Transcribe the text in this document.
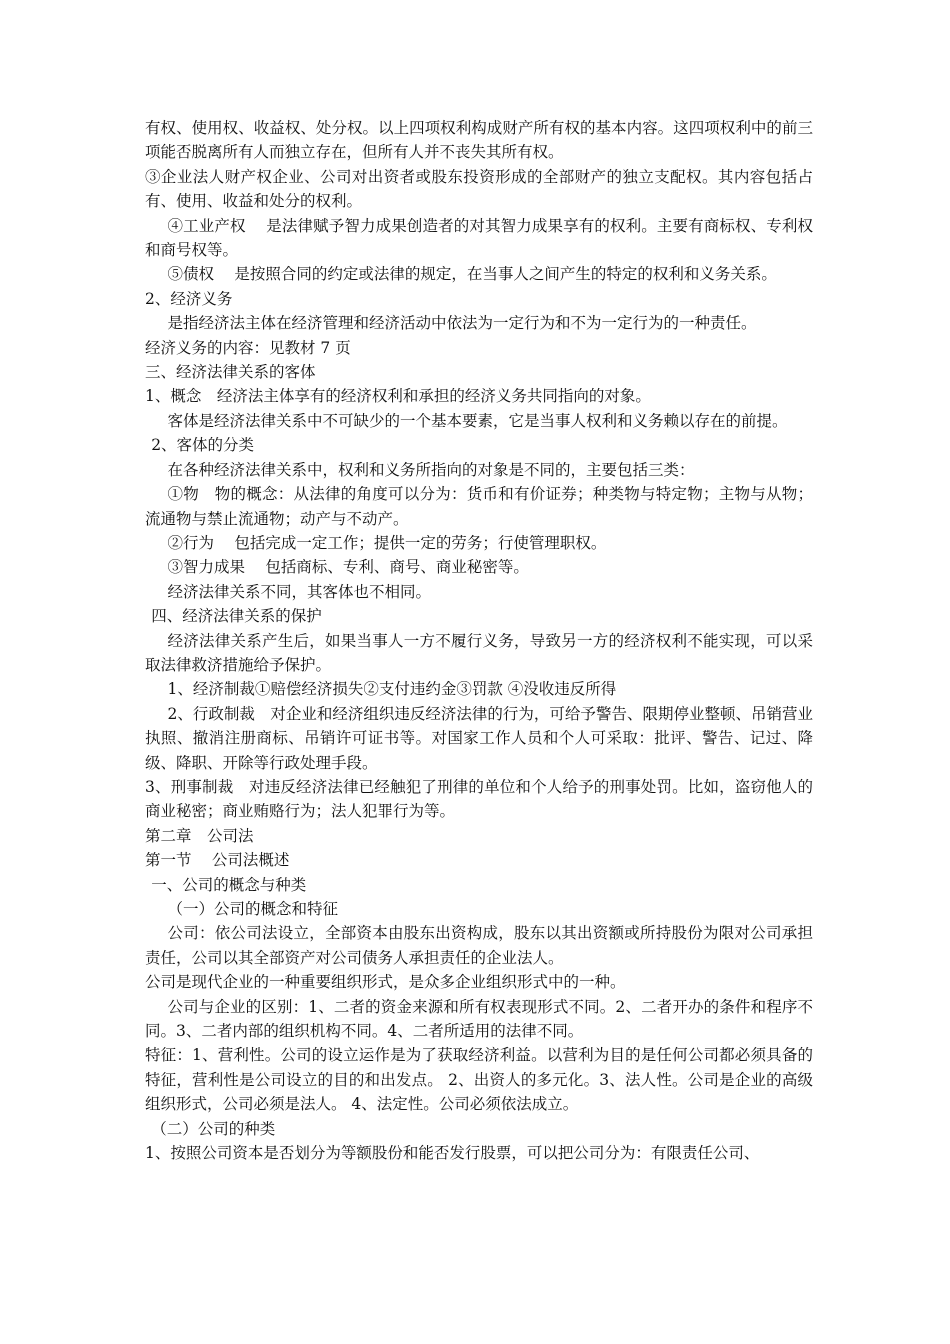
有权、使用权、收益权、处分权。以上四项权利构成财产所有权的基本内容。这四项权利中的前三项能否脱离所有人而独立存在，但所有人并不丧失其所有权。

③企业法人财产权企业、公司对出资者或股东投资形成的全部财产的独立支配权。其内容包括占有、使用、收益和处分的权利。

④工业产权　 是法律赋予智力成果创造者的对其智力成果享有的权利。主要有商标权、专利权和商号权等。

⑤债权　 是按照合同的约定或法律的规定，在当事人之间产生的特定的权利和义务关系。

2、经济义务

是指经济法主体在经济管理和经济活动中依法为一定行为和不为一定行为的一种责任。

经济义务的内容：见教材 7 页

三、经济法律关系的客体

1、概念　经济法主体享有的经济权利和承担的经济义务共同指向的对象。

客体是经济法律关系中不可缺少的一个基本要素，它是当事人权利和义务赖以存在的前提。

2、客体的分类

在各种经济法律关系中，权利和义务所指向的对象是不同的，主要包括三类：

①物　物的概念：从法律的角度可以分为：货币和有价证券；种类物与特定物；主物与从物；流通物与禁止流通物；动产与不动产。

②行为　 包括完成一定工作；提供一定的劳务；行使管理职权。

③智力成果　 包括商标、专利、商号、商业秘密等。

经济法律关系不同，其客体也不相同。

四、经济法律关系的保护

经济法律关系产生后，如果当事人一方不履行义务，导致另一方的经济权利不能实现，可以采取法律救济措施给予保护。

1、经济制裁①赔偿经济损失②支付违约金③罚款 ④没收违反所得

2、行政制裁　对企业和经济组织违反经济法律的行为，可给予警告、限期停业整顿、吊销营业执照、撤消注册商标、吊销许可证书等。对国家工作人员和个人可采取：批评、警告、记过、降级、降职、开除等行政处理手段。

3、刑事制裁　对违反经济法律已经触犯了刑律的单位和个人给予的刑事处罚。比如，盗窃他人的商业秘密；商业贿赂行为；法人犯罪行为等。

第二章　公司法

第一节　 公司法概述

一、公司的概念与种类

（一）公司的概念和特征

公司：依公司法设立，全部资本由股东出资构成，股东以其出资额或所持股份为限对公司承担责任，公司以其全部资产对公司债务人承担责任的企业法人。

公司是现代企业的一种重要组织形式，是众多企业组织形式中的一种。

公司与企业的区别：1、二者的资金来源和所有权表现形式不同。2、二者开办的条件和程序不同。3、二者内部的组织机构不同。4、二者所适用的法律不同。

特征：1、营利性。公司的设立运作是为了获取经济利益。以营利为目的是任何公司都必须具备的特征，营利性是公司设立的目的和出发点。 2、出资人的多元化。3、法人性。公司是企业的高级组织形式，公司必须是法人。 4、法定性。公司必须依法成立。

（二）公司的种类

1、按照公司资本是否划分为等额股份和能否发行股票，可以把公司分为：有限责任公司、
